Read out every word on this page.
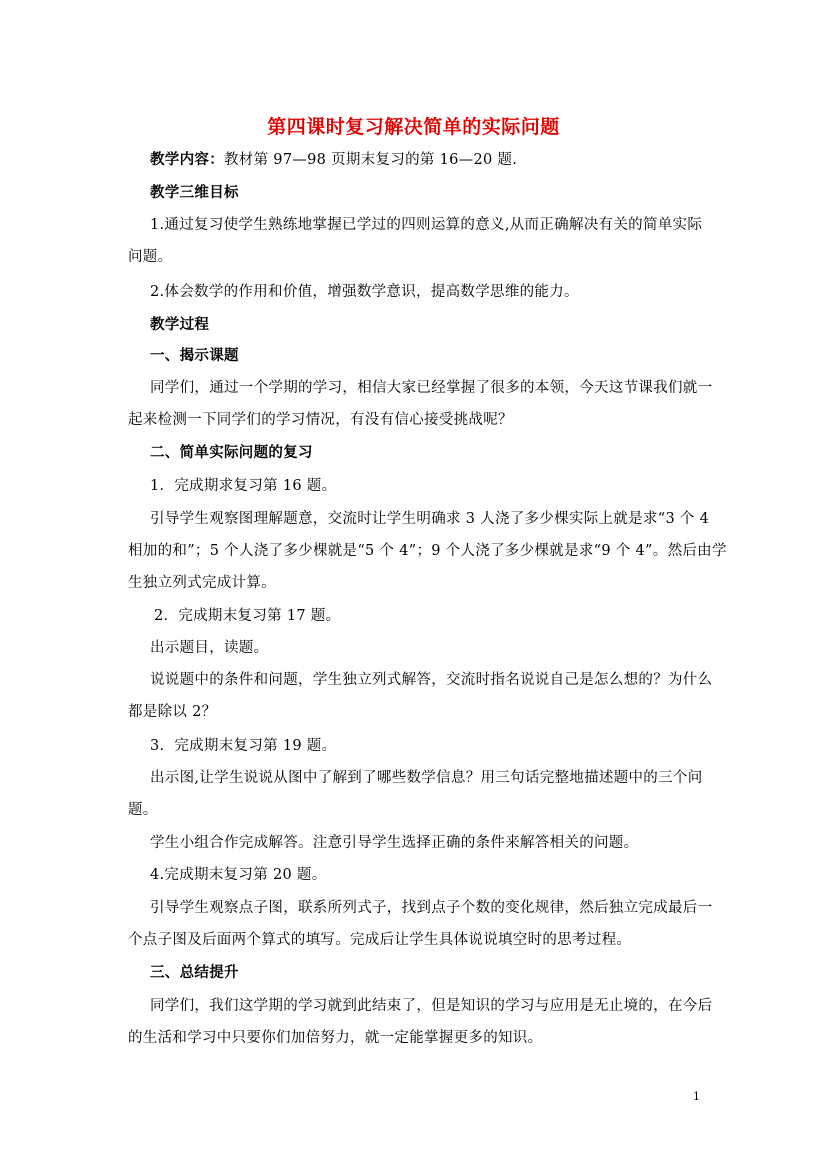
第四课时复习解决简单的实际问题
教学内容：教材第 97—98 页期末复习的第 16—20 题.
教学三维目标
1.通过复习使学生熟练地掌握已学过的四则运算的意义,从而正确解决有关的简单实际
问题。
2.体会数学的作用和价值，增强数学意识，提高数学思维的能力。
教学过程
一、揭示课题
同学们，通过一个学期的学习，相信大家已经掌握了很多的本领，今天这节课我们就一
起来检测一下同学们的学习情况，有没有信心接受挑战呢？
二、简单实际问题的复习
1．完成期求复习第 16 题。
引导学生观察图理解题意，交流时让学生明确求 3 人浇了多少棵实际上就是求“3 个 4
相加的和”；5 个人浇了多少棵就是“5 个 4”；9 个人浇了多少棵就是求“9 个 4”。然后由学
生独立列式完成计算。
2．完成期末复习第 17 题。
出示题目，读题。
说说题中的条件和问题，学生独立列式解答，交流时指名说说自己是怎么想的？为什么
都是除以 2？
3．完成期末复习第 19 题。
出示图,让学生说说从图中了解到了哪些数学信息？用三句话完整地描述题中的三个问
题。
学生小组合作完成解答。注意引导学生选择正确的条件来解答相关的问题。
4.完成期末复习第 20 题。
引导学生观察点子图，联系所列式子，找到点子个数的变化规律，然后独立完成最后一
个点子图及后面两个算式的填写。完成后让学生具体说说填空时的思考过程。
三、总结提升
同学们，我们这学期的学习就到此结束了，但是知识的学习与应用是无止境的，在今后
的生活和学习中只要你们加倍努力，就一定能掌握更多的知识。
1
